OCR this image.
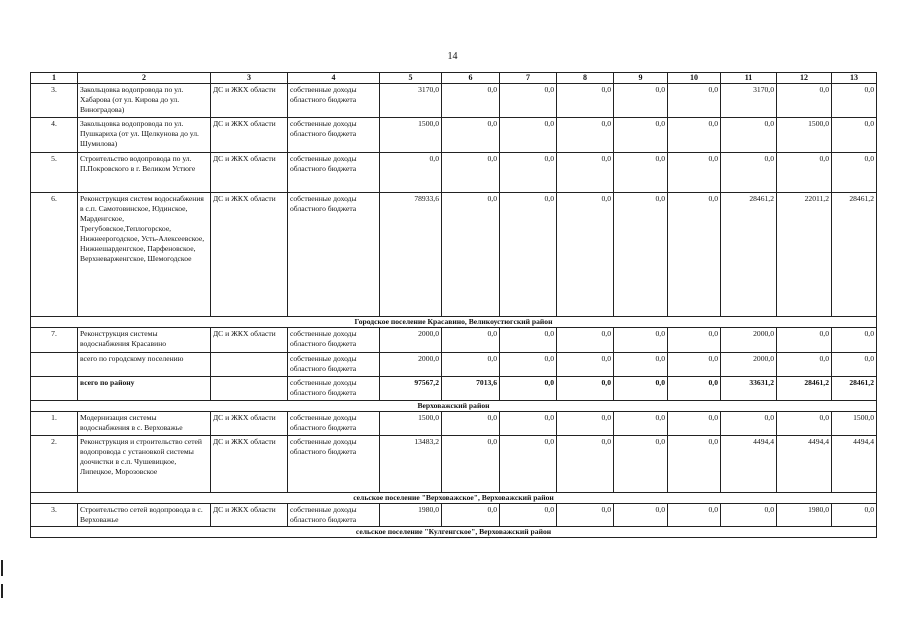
14
1	2	3	4	5	6	7	8	9	10	11	12	13
3.	Закольцовка водопровода по ул. Хабарова (от ул. Кирова до ул. Виноградова)	ДС и ЖКХ области	собственные доходы областного бюджета	3170,0	0,0	0,0	0,0	0,0	0,0	3170,0	0,0	0,0
4.	Закольцовка водопровода по ул. Пушкариха (от ул. Щелкунова до ул. Шумилова)	ДС и ЖКХ области	собственные доходы областного бюджета	1500,0	0,0	0,0	0,0	0,0	0,0	0,0	1500,0	0,0
5.	Строительство водопровода по ул. П.Покровского в г. Великом Устюге	ДС и ЖКХ области	собственные доходы областного бюджета	0,0	0,0	0,0	0,0	0,0	0,0	0,0	0,0	0,0
6.	Реконструкция систем водоснабжения в с.п. Самотовинское, Юдинское, Марденгское, Трегубовское,Теплогорское, Нижнеерогодское, Усть-Алексеевское, Нижнешарденгское, Парфеновское, Верхневарженгское, Шемогодское	ДС и ЖКХ области	собственные доходы областного бюджета	78933,6	0,0	0,0	0,0	0,0	0,0	28461,2	22011,2	28461,2
Городское поселение Красавино, Великоустюгский район												
7.	Реконструкция системы водоснабжения Красавино	ДС и ЖКХ области	собственные доходы областного бюджета	2000,0	0,0	0,0	0,0	0,0	0,0	2000,0	0,0	0,0
	всего по городскому поселению		собственные доходы областного бюджета	2000,0	0,0	0,0	0,0	0,0	0,0	2000,0	0,0	0,0
	всего по району		собственные доходы областного бюджета	97567,2	7013,6	0,0	0,0	0,0	0,0	33631,2	28461,2	28461,2
Верховажский район												
1.	Модернизация системы водоснабжения в с. Верховажье	ДС и ЖКХ области	собственные доходы областного бюджета	1500,0	0,0	0,0	0,0	0,0	0,0	0,0	0,0	1500,0
2.	Реконструкция и строительство сетей водопровода с установкой системы доочистки в с.п. Чушевицкое, Липецкое, Морозовское	ДС и ЖКХ области	собственные доходы областного бюджета	13483,2	0,0	0,0	0,0	0,0	0,0	4494,4	4494,4	4494,4
сельское поселение "Верховажское", Верховажский район												
3.	Строительство сетей водопровода в с. Верховажье	ДС и ЖКХ области	собственные доходы областного бюджета	1980,0	0,0	0,0	0,0	0,0	0,0	0,0	1980,0	0,0
сельское поселение "Кулгенгское", Верховажский район												
